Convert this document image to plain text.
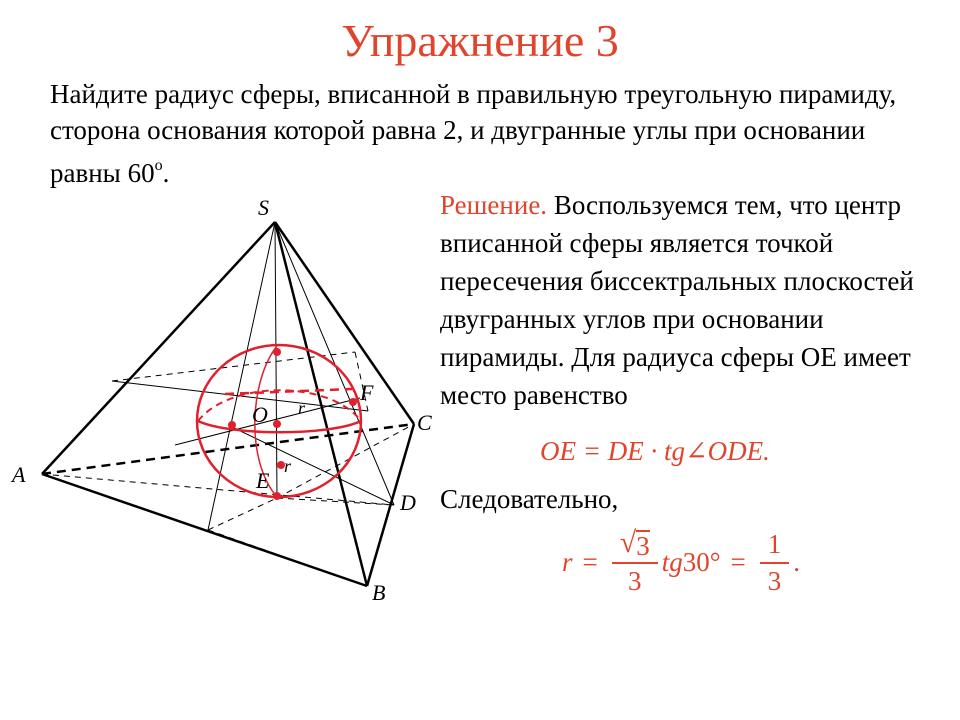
Упражнение 3
Найдите радиус сферы, вписанной в правильную треугольную пирамиду, сторона основания которой равна 2, и двугранные углы при основании равны $60^о$.
Решение. Воспользуемся тем, что центр вписанной сферы является точкой пересечения биссектральных плоскостей двугранных углов при основании пирамиды. Для радиуса сферы OE имеет место равенство
OE = DE · tg∠ODE.
Следовательно,
$r = \frac{√ 3}{3}$ tg $30^\circ = \frac{1}{3}$ .
S
A
B
C
D
E
F
O r
r
